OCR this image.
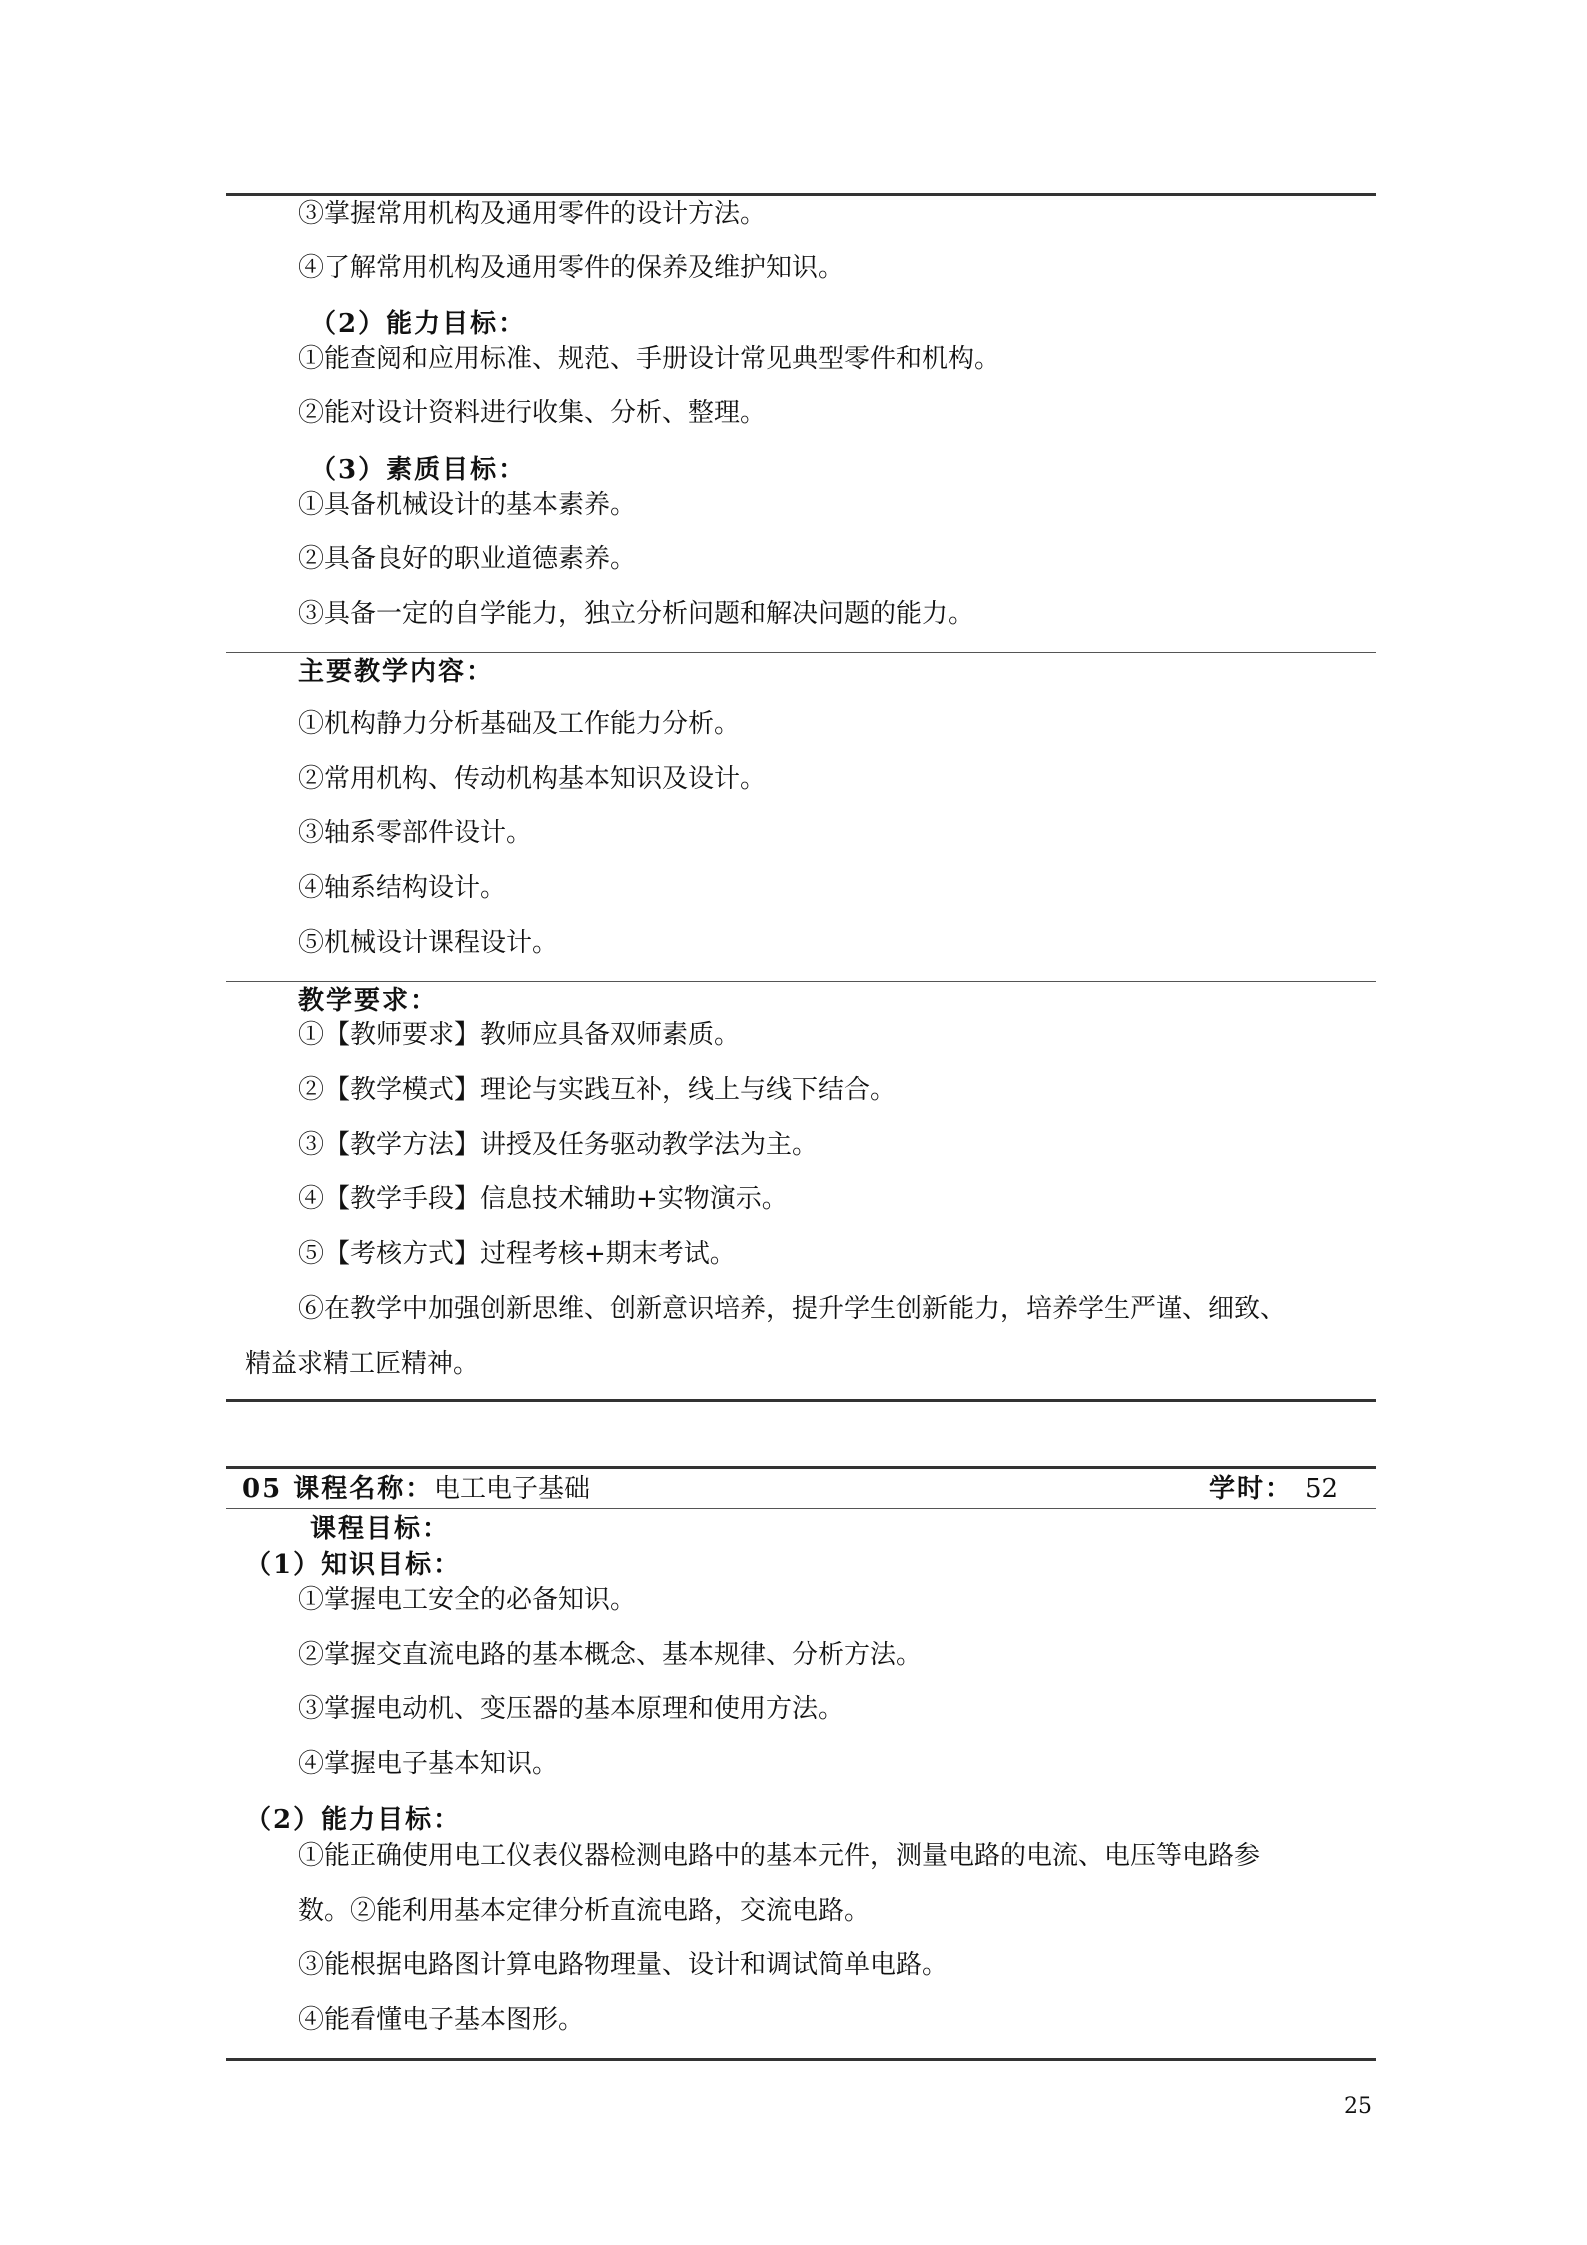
③掌握常用机构及通用零件的设计方法。
④了解常用机构及通用零件的保养及维护知识。
（2）能力目标：
①能查阅和应用标准、规范、手册设计常见典型零件和机构。
②能对设计资料进行收集、分析、整理。
（3）素质目标：
①具备机械设计的基本素养。
②具备良好的职业道德素养。
③具备一定的自学能力，独立分析问题和解决问题的能力。
主要教学内容：
①机构静力分析基础及工作能力分析。
②常用机构、传动机构基本知识及设计。
③轴系零部件设计。
④轴系结构设计。
⑤机械设计课程设计。
教学要求：
①【教师要求】教师应具备双师素质。
②【教学模式】理论与实践互补，线上与线下结合。
③【教学方法】讲授及任务驱动教学法为主。
④【教学手段】信息技术辅助+实物演示。
⑤【考核方式】过程考核+期末考试。
⑥在教学中加强创新思维、创新意识培养，提升学生创新能力，培养学生严谨、细致、
精益求精工匠精神。
05 课程名称： 电工电子基础	学时： 52
课程目标：
（1）知识目标：
①掌握电工安全的必备知识。
②掌握交直流电路的基本概念、基本规律、分析方法。
③掌握电动机、变压器的基本原理和使用方法。
④掌握电子基本知识。
（2）能力目标：
①能正确使用电工仪表仪器检测电路中的基本元件，测量电路的电流、电压等电路参
数。②能利用基本定律分析直流电路，交流电路。
③能根据电路图计算电路物理量、设计和调试简单电路。
④能看懂电子基本图形。
25
